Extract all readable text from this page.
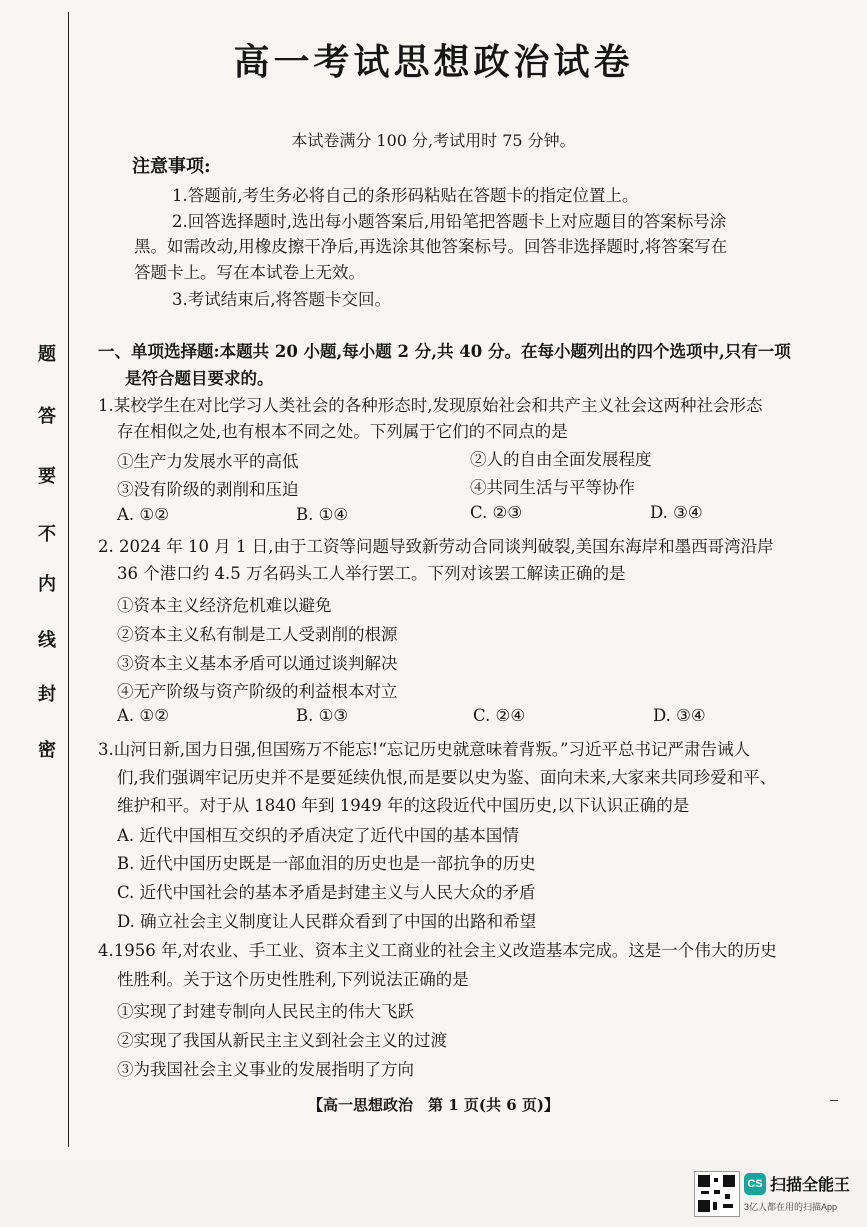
题
答
要
不
内
线
封
密
高一考试思想政治试卷
本试卷满分 100 分,考试用时 75 分钟。
注意事项:
1.答题前,考生务必将自己的条形码粘贴在答题卡的指定位置上。
2.回答选择题时,选出每小题答案后,用铅笔把答题卡上对应题目的答案标号涂
黑。如需改动,用橡皮擦干净后,再选涂其他答案标号。回答非选择题时,将答案写在
答题卡上。写在本试卷上无效。
3.考试结束后,将答题卡交回。
一、单项选择题:本题共 20 小题,每小题 2 分,共 40 分。在每小题列出的四个选项中,只有一项
是符合题目要求的。
1.某校学生在对比学习人类社会的各种形态时,发现原始社会和共产主义社会这两种社会形态
存在相似之处,也有根本不同之处。下列属于它们的不同点的是
①生产力发展水平的高低	②人的自由全面发展程度
③没有阶级的剥削和压迫	④共同生活与平等协作
A. ①②	B. ①④	C. ②③	D. ③④
2. 2024 年 10 月 1 日,由于工资等问题导致新劳动合同谈判破裂,美国东海岸和墨西哥湾沿岸
36 个港口约 4.5 万名码头工人举行罢工。下列对该罢工解读正确的是
①资本主义经济危机难以避免
②资本主义私有制是工人受剥削的根源
③资本主义基本矛盾可以通过谈判解决
④无产阶级与资产阶级的利益根本对立
A. ①②	B. ①③	C. ②④	D. ③④
3.山河日新,国力日强,但国殇万不能忘!“忘记历史就意味着背叛。”习近平总书记严肃告诫人
们,我们强调牢记历史并不是要延续仇恨,而是要以史为鉴、面向未来,大家来共同珍爱和平、
维护和平。对于从 1840 年到 1949 年的这段近代中国历史,以下认识正确的是
A. 近代中国相互交织的矛盾决定了近代中国的基本国情
B. 近代中国历史既是一部血泪的历史也是一部抗争的历史
C. 近代中国社会的基本矛盾是封建主义与人民大众的矛盾
D. 确立社会主义制度让人民群众看到了中国的出路和希望
4.1956 年,对农业、手工业、资本主义工商业的社会主义改造基本完成。这是一个伟大的历史
性胜利。关于这个历史性胜利,下列说法正确的是
①实现了封建专制向人民民主的伟大飞跃
②实现了我国从新民主主义到社会主义的过渡
③为我国社会主义事业的发展指明了方向
【高一思想政治　第 1 页(共 6 页)】
CS 扫描全能王
3亿人都在用的扫描App
